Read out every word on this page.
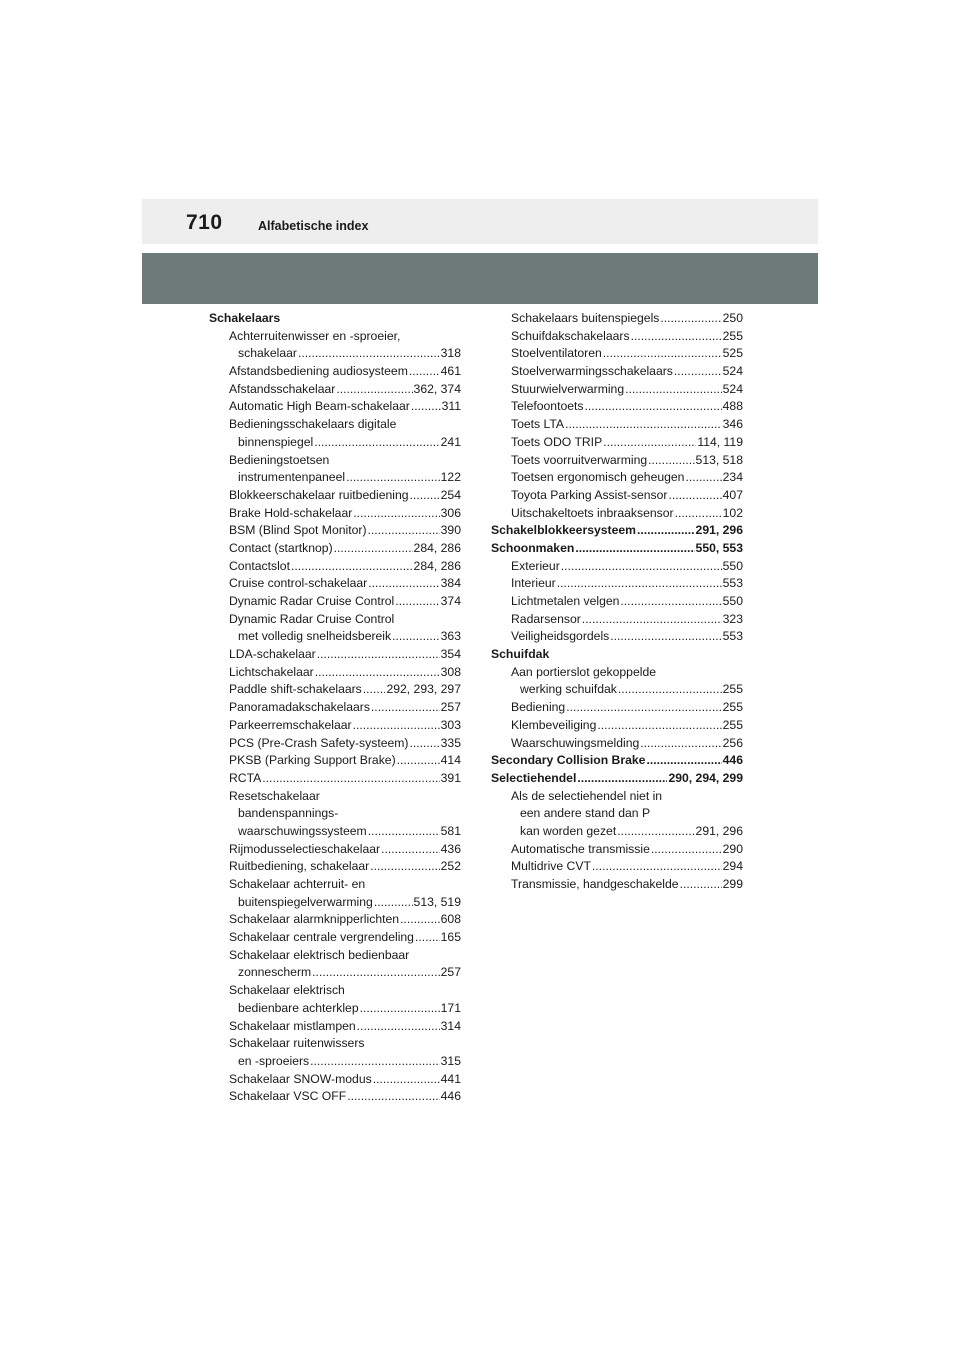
710	Alfabetische index
Schakelaars
Achterruitenwisser en -sproeier,
schakelaar .....	318
Afstandsbediening audiosysteem .....	461
Afstandsschakelaar .....	362, 374
Automatic High Beam-schakelaar .....	311
Bedieningsschakelaars digitale
binnenspiegel .....	241
Bedieningstoetsen
instrumentenpaneel .....	122
Blokkeerschakelaar ruitbediening .....	254
Brake Hold-schakelaar .....	306
BSM (Blind Spot Monitor) .....	390
Contact (startknop) .....	284, 286
Contactslot .....	284, 286
Cruise control-schakelaar .....	384
Dynamic Radar Cruise Control .....	374
Dynamic Radar Cruise Control
met volledig snelheidsbereik .....	363
LDA-schakelaar .....	354
Lichtschakelaar .....	308
Paddle shift-schakelaars ..... 292, 293, 297
Panoramadakschakelaars .....	257
Parkeerremschakelaar .....	303
PCS (Pre-Crash Safety-systeem) .....	335
PKSB (Parking Support Brake) .....	414
RCTA .....	391
Resetschakelaar
bandenspannings-
waarschuwingssysteem .....	581
Rijmodusselectieschakelaar .....	436
Ruitbediening, schakelaar .....	252
Schakelaar achterruit- en
buitenspiegelverwarming .....	513, 519
Schakelaar alarmknipperlichten .....	608
Schakelaar centrale vergrendeling ..... 165
Schakelaar elektrisch bedienbaar
zonnescherm .....	257
Schakelaar elektrisch
bedienbare achterklep .....	171
Schakelaar mistlampen .....	314
Schakelaar ruitenwissers
en -sproeiers .....	315
Schakelaar SNOW-modus .....	441
Schakelaar VSC OFF .....	446
Schakelaars buitenspiegels .....	250
Schuifdakschakelaars .....	255
Stoelventilatoren .....	525
Stoelverwarmingsschakelaars .....	524
Stuurwielverwarming .....	524
Telefoontoets .....	488
Toets LTA .....	346
Toets ODO TRIP .....	114, 119
Toets voorruitverwarming .....	513, 518
Toetsen ergonomisch geheugen .....	234
Toyota Parking Assist-sensor .....	407
Uitschakeltoets inbraaksensor .....	102
Schakelblokkeersysteem .....	291, 296
Schoonmaken .....	550, 553
Exterieur .....	550
Interieur .....	553
Lichtmetalen velgen .....	550
Radarsensor .....	323
Veiligheidsgordels .....	553
Schuifdak
Aan portierslot gekoppelde
werking schuifdak .....	255
Bediening .....	255
Klembeveiliging .....	255
Waarschuwingsmelding .....	256
Secondary Collision Brake .....	446
Selectiehendel .....	290, 294, 299
Als de selectiehendel niet in
een andere stand dan P
kan worden gezet .....	291, 296
Automatische transmissie .....	290
Multidrive CVT .....	294
Transmissie, handgeschakelde .....	299
